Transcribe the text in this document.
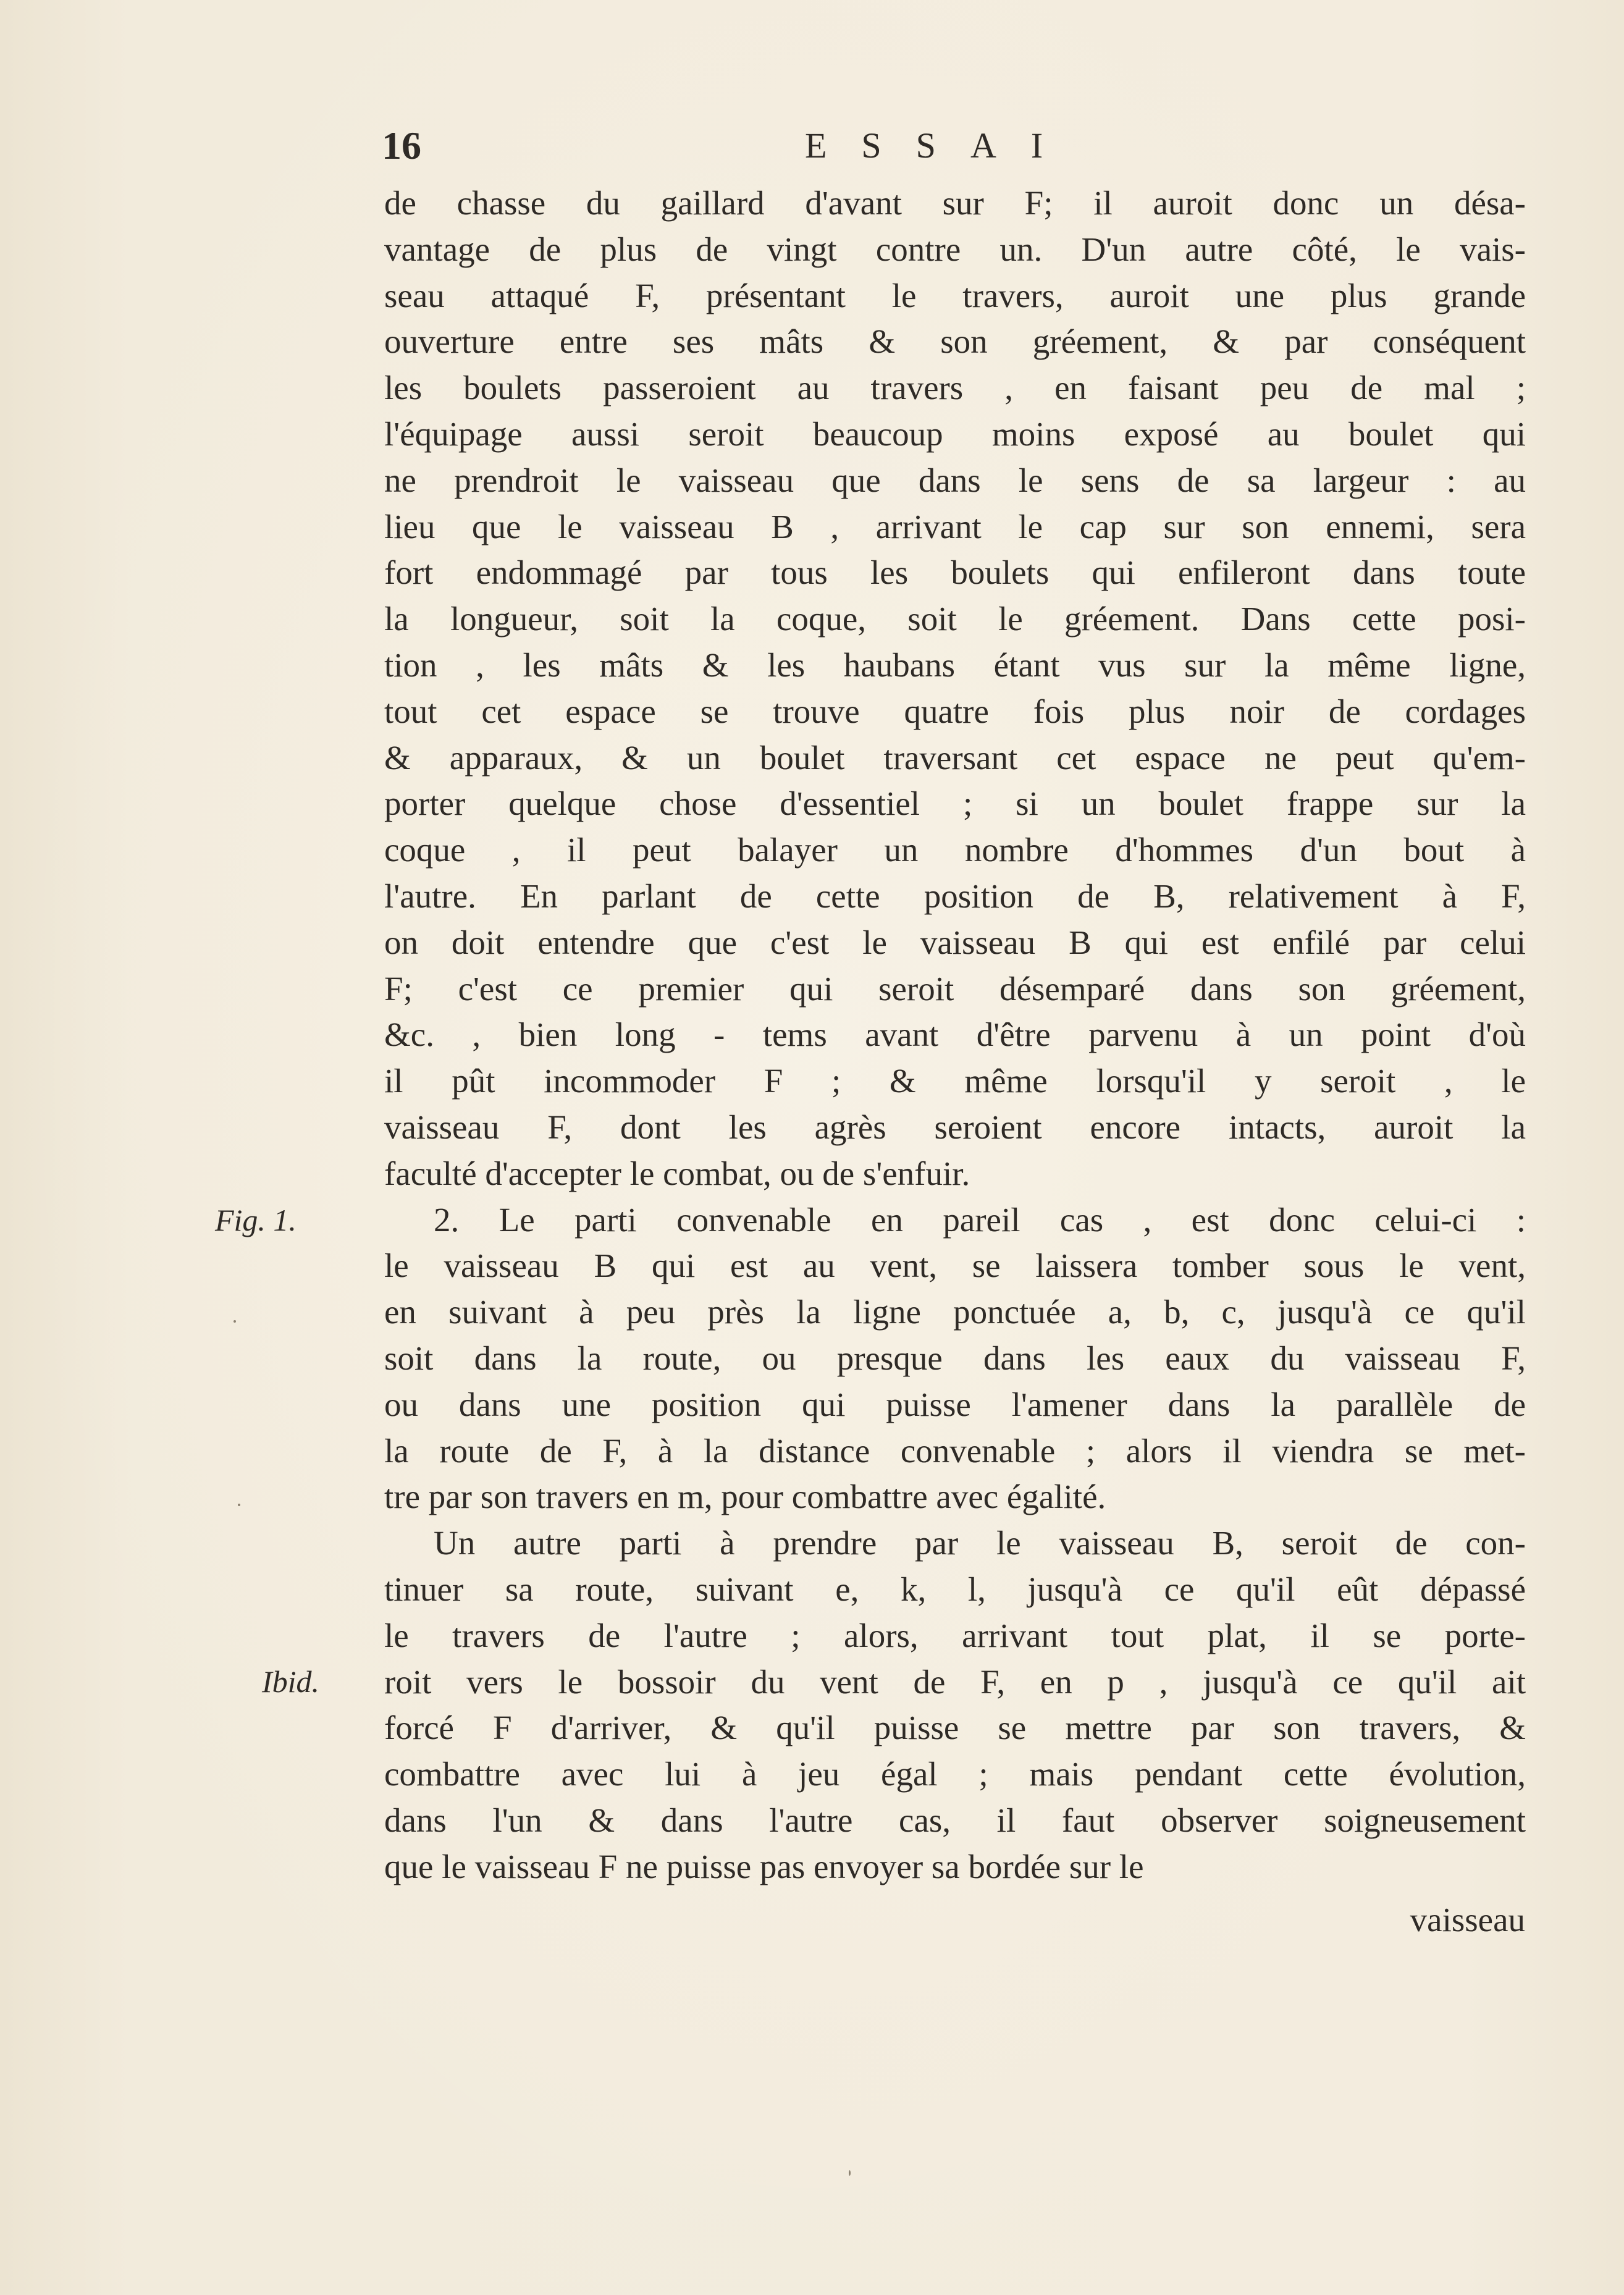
16	ESSAI
Fig. 1.
Ibid.
de chasse du gaillard d'avant sur F; il auroit donc un désa-
vantage de plus de vingt contre un. D'un autre côté, le vais-
seau attaqué F, présentant le travers, auroit une plus grande
ouverture entre ses mâts & son gréement, & par conséquent
les boulets passeroient au travers , en faisant peu de mal ;
l'équipage aussi seroit beaucoup moins exposé au boulet qui
ne prendroit le vaisseau que dans le sens de sa largeur : au
lieu que le vaisseau B , arrivant le cap sur son ennemi, sera
fort endommagé par tous les boulets qui enfileront dans toute
la longueur, soit la coque, soit le gréement. Dans cette posi-
tion , les mâts & les haubans étant vus sur la même ligne,
tout cet espace se trouve quatre fois plus noir de cordages
& apparaux, & un boulet traversant cet espace ne peut qu'em-
porter quelque chose d'essentiel ; si un boulet frappe sur la
coque , il peut balayer un nombre d'hommes d'un bout à
l'autre. En parlant de cette position de B, relativement à F,
on doit entendre que c'est le vaisseau B qui est enfilé par celui
F; c'est ce premier qui seroit désemparé dans son gréement,
&c. , bien long - tems avant d'être parvenu à un point d'où
il pût incommoder F ; & même lorsqu'il y seroit , le
vaisseau F, dont les agrès seroient encore intacts, auroit la
faculté d'accepter le combat, ou de s'enfuir.
2. Le parti convenable en pareil cas , est donc celui-ci :
le vaisseau B qui est au vent, se laissera tomber sous le vent,
en suivant à peu près la ligne ponctuée a, b, c, jusqu'à ce qu'il
soit dans la route, ou presque dans les eaux du vaisseau F,
ou dans une position qui puisse l'amener dans la parallèle de
la route de F, à la distance convenable ; alors il viendra se met-
tre par son travers en m, pour combattre avec égalité.
Un autre parti à prendre par le vaisseau B, seroit de con-
tinuer sa route, suivant e, k, l, jusqu'à ce qu'il eût dépassé
le travers de l'autre ; alors, arrivant tout plat, il se porte-
roit vers le bossoir du vent de F, en p , jusqu'à ce qu'il ait
forcé F d'arriver, & qu'il puisse se mettre par son travers, &
combattre avec lui à jeu égal ; mais pendant cette évolution,
dans l'un & dans l'autre cas, il faut observer soigneusement
que le vaisseau F ne puisse pas envoyer sa bordée sur le
vaisseau
